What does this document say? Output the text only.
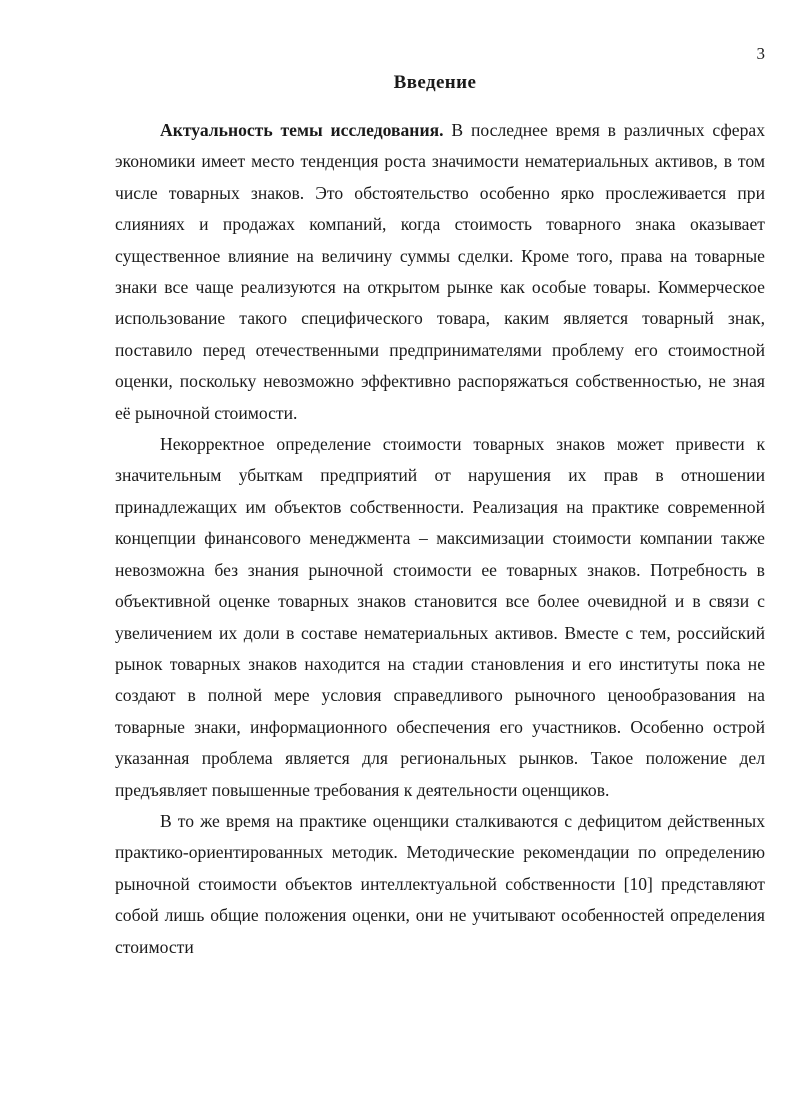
3
Введение

Актуальность темы исследования. В последнее время в различных сферах экономики имеет место тенденция роста значимости нематериальных активов, в том числе товарных знаков. Это обстоятельство особенно ярко прослеживается при слияниях и продажах компаний, когда стоимость товарного знака оказывает существенное влияние на величину суммы сделки. Кроме того, права на товарные знаки все чаще реализуются на открытом рынке как особые товары. Коммерческое использование такого специфического товара, каким является товарный знак, поставило перед отечественными предпринимателями проблему его стоимостной оценки, поскольку невозможно эффективно распоряжаться собственностью, не зная её рыночной стоимости.

Некорректное определение стоимости товарных знаков может привести к значительным убыткам предприятий от нарушения их прав в отношении принадлежащих им объектов собственности. Реализация на практике современной концепции финансового менеджмента – максимизации стоимости компании также невозможна без знания рыночной стоимости ее товарных знаков. Потребность в объективной оценке товарных знаков становится все более очевидной и в связи с увеличением их доли в составе нематериальных активов. Вместе с тем, российский рынок товарных знаков находится на стадии становления и его институты пока не создают в полной мере условия справедливого рыночного ценообразования на товарные знаки, информационного обеспечения его участников. Особенно острой указанная проблема является для региональных рынков. Такое положение дел предъявляет повышенные требования к деятельности оценщиков.

В то же время на практике оценщики сталкиваются с дефицитом действенных практико-ориентированных методик. Методические рекомендации по определению рыночной стоимости объектов интеллектуальной собственности [10] представляют собой лишь общие положения оценки, они не учитывают особенностей определения стоимости
